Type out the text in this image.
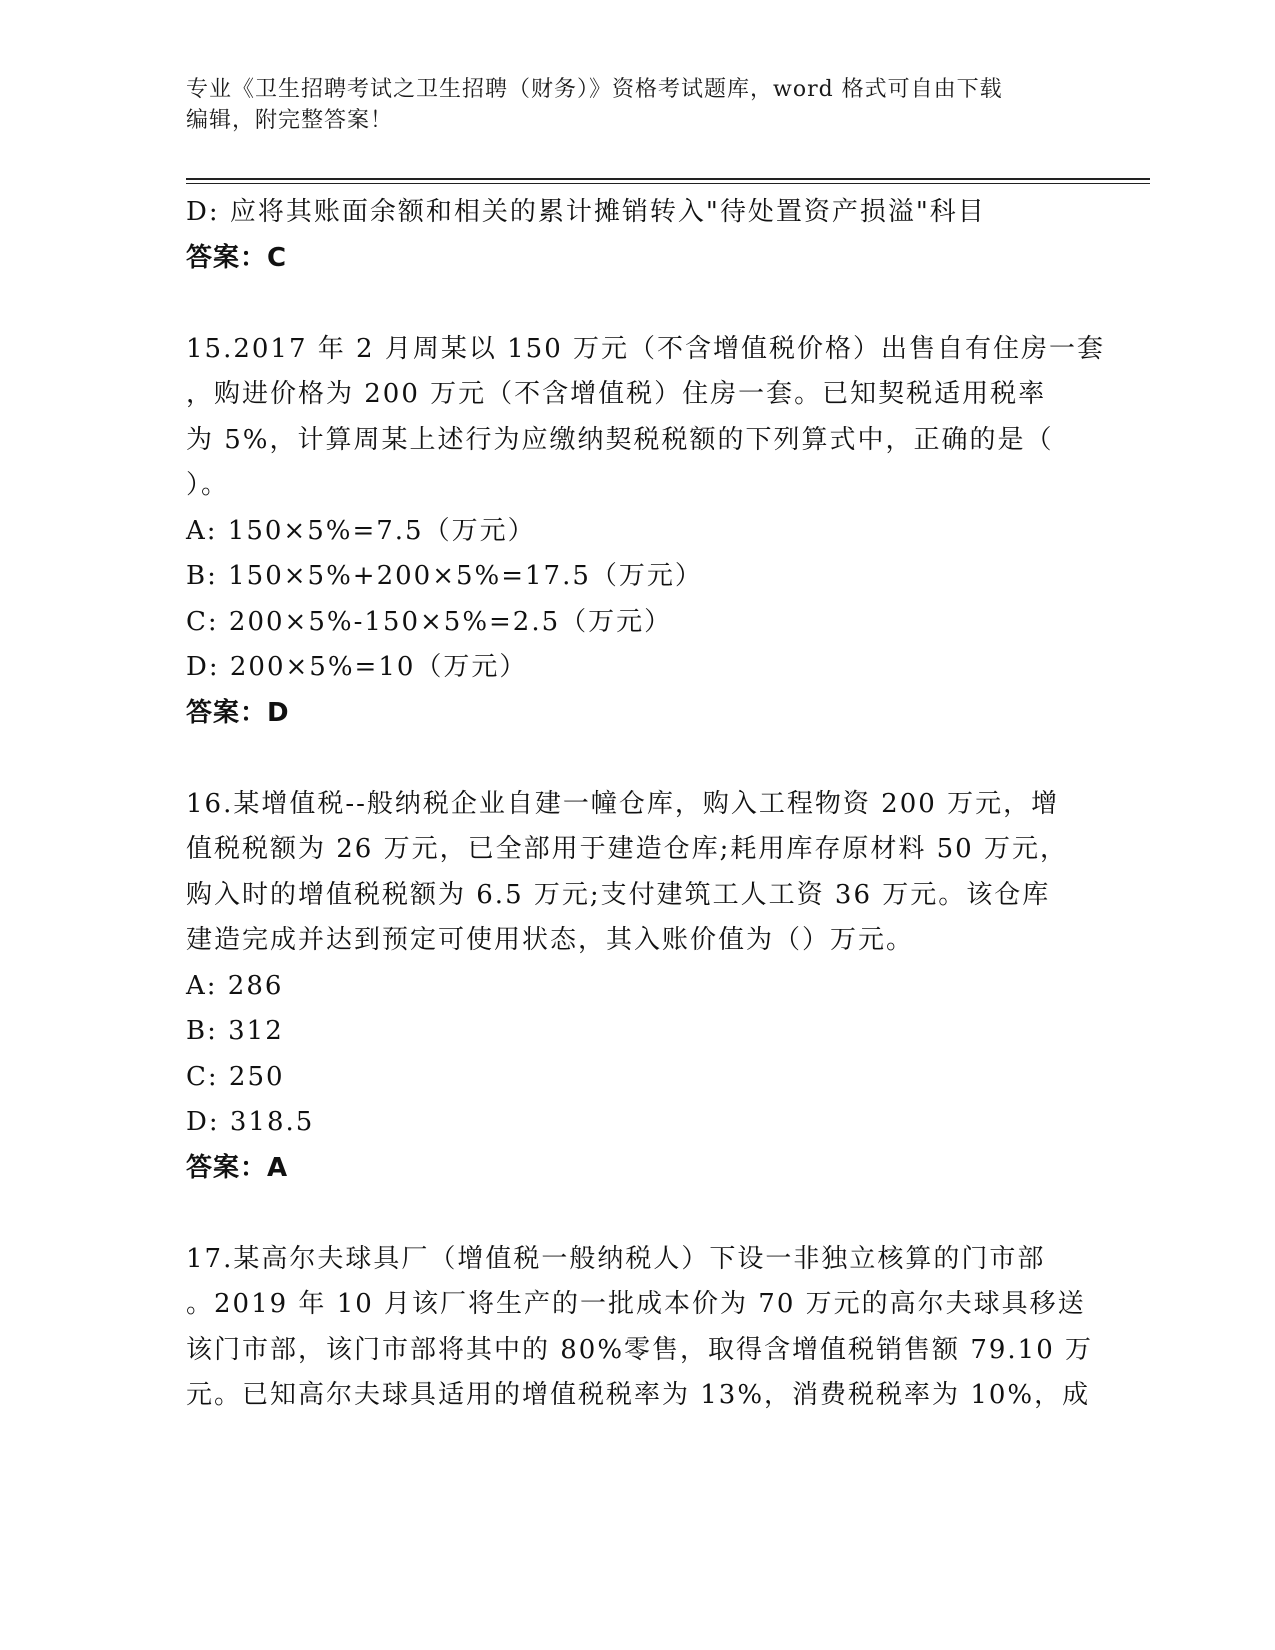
专业《卫生招聘考试之卫生招聘（财务）》资格考试题库，word 格式可自由下载
编辑，附完整答案！

D: 应将其账面余额和相关的累计摊销转入"待处置资产损溢"科目

答案：C

15.2017 年 2 月周某以 150 万元（不含增值税价格）出售自有住房一套

，购进价格为 200 万元（不含增值税）住房一套。已知契税适用税率

为 5%，计算周某上述行为应缴纳契税税额的下列算式中，正确的是（

）。

A: 150×5%=7.5（万元）

B: 150×5%+200×5%=17.5（万元）

C: 200×5%-150×5%=2.5（万元）

D: 200×5%=10（万元）

答案：D

16.某增值税--般纳税企业自建一幢仓库，购入工程物资 200 万元，增

值税税额为 26 万元，已全部用于建造仓库;耗用库存原材料 50 万元，

购入时的增值税税额为 6.5 万元;支付建筑工人工资 36 万元。该仓库

建造完成并达到预定可使用状态，其入账价值为（）万元。

A: 286

B: 312

C: 250

D: 318.5

答案：A

17.某高尔夫球具厂（增值税一般纳税人）下设一非独立核算的门市部

。2019 年 10 月该厂将生产的一批成本价为 70 万元的高尔夫球具移送

该门市部，该门市部将其中的 80%零售，取得含增值税销售额 79.10 万

元。已知高尔夫球具适用的增值税税率为 13%，消费税税率为 10%，成
